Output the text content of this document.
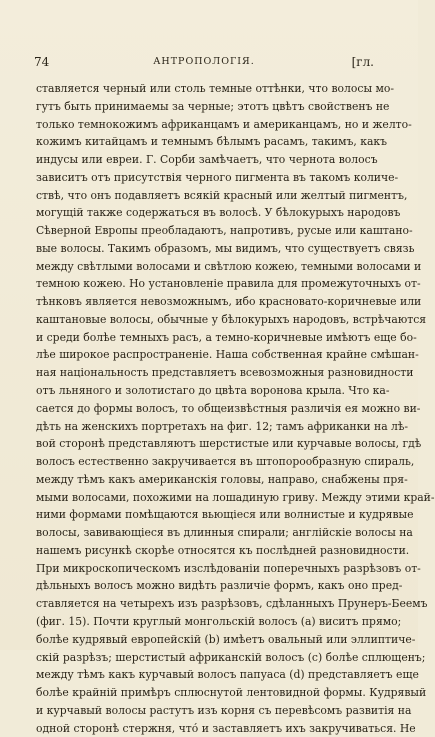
74	АНТРОПОЛОГІЯ.	[гл.
ставляется черный или столь темные оттѣнки, что волосы мо-
гутъ быть принимаемы за черные; этотъ цвѣтъ свойственъ не
только темнокожимъ африканцамъ и американцамъ, но и желто-
кожимъ китайцамъ и темнымъ бѣлымъ расамъ, такимъ, какъ
индусы или евреи. Г. Сорби замѣчаетъ, что чернота волосъ
зависитъ отъ присутствія черного пигмента въ такомъ количе-
ствѣ, что онъ подавляетъ всякій красный или желтый пигментъ,
могущій также содержаться въ волосѣ. У бѣлокурыхъ народовъ
Сѣверной Европы преобладаютъ, напротивъ, русые или каштано-
вые волосы. Такимъ образомъ, мы видимъ, что существуетъ связь
между свѣтлыми волосами и свѣтлою кожею, темными волосами и
темною кожею. Но установленіе правила для промежуточныхъ от-
тѣнковъ является невозможнымъ, ибо красновато-коричневые или
каштановые волосы, обычные у бѣлокурыхъ народовъ, встрѣчаются
и среди болѣе темныхъ расъ, а темно-коричневые имѣютъ еще бо-
лѣе широкое распространеніе. Наша собственная крайне смѣшан-
ная національность представляетъ всевозможныя разновидности
отъ льняного и золотистаго до цвѣта воронова крыла. Что ка-
сается до формы волосъ, то общеизвѣстныя различія ея можно ви-
дѣть на женскихъ портретахъ на фиг. 12; тамъ африканки на лѣ-
вой сторонѣ представляютъ шерстистые или курчавые волосы, гдѣ
волосъ естественно закручивается въ штопорообразную спираль,
между тѣмъ какъ американскія головы, направо, снабжены пря-
мыми волосами, похожими на лошадиную гриву. Между этими край-
ними формами помѣщаются вьющіеся или волнистые и кудрявые
волосы, завивающіеся въ длинныя спирали; англійскіе волосы на
нашемъ рисункѣ скорѣе относятся къ послѣдней разновидности.
При микроскопическомъ изслѣдованіи поперечныхъ разрѣзовъ от-
дѣльныхъ волосъ можно видѣть различіе формъ, какъ оно пред-
ставляется на четырехъ изъ разрѣзовъ, сдѣланныхъ Прунеръ-Беемъ
(фиг. 15). Почти круглый монгольскій волосъ (a) виситъ прямо;
болѣе кудрявый европейскій (b) имѣетъ овальный или эллиптиче-
скій разрѣзъ; шерстистый африканскій волосъ (c) болѣе сплющенъ;
между тѣмъ какъ курчавый волосъ папуаса (d) представляетъ еще
болѣе крайній примѣръ сплюснутой лентовидной формы. Кудрявый
и курчавый волосы растутъ изъ корня съ перевѣсомъ развитія на
одной сторонѣ стержня, что́ и заставляетъ ихъ закручиваться. Не
